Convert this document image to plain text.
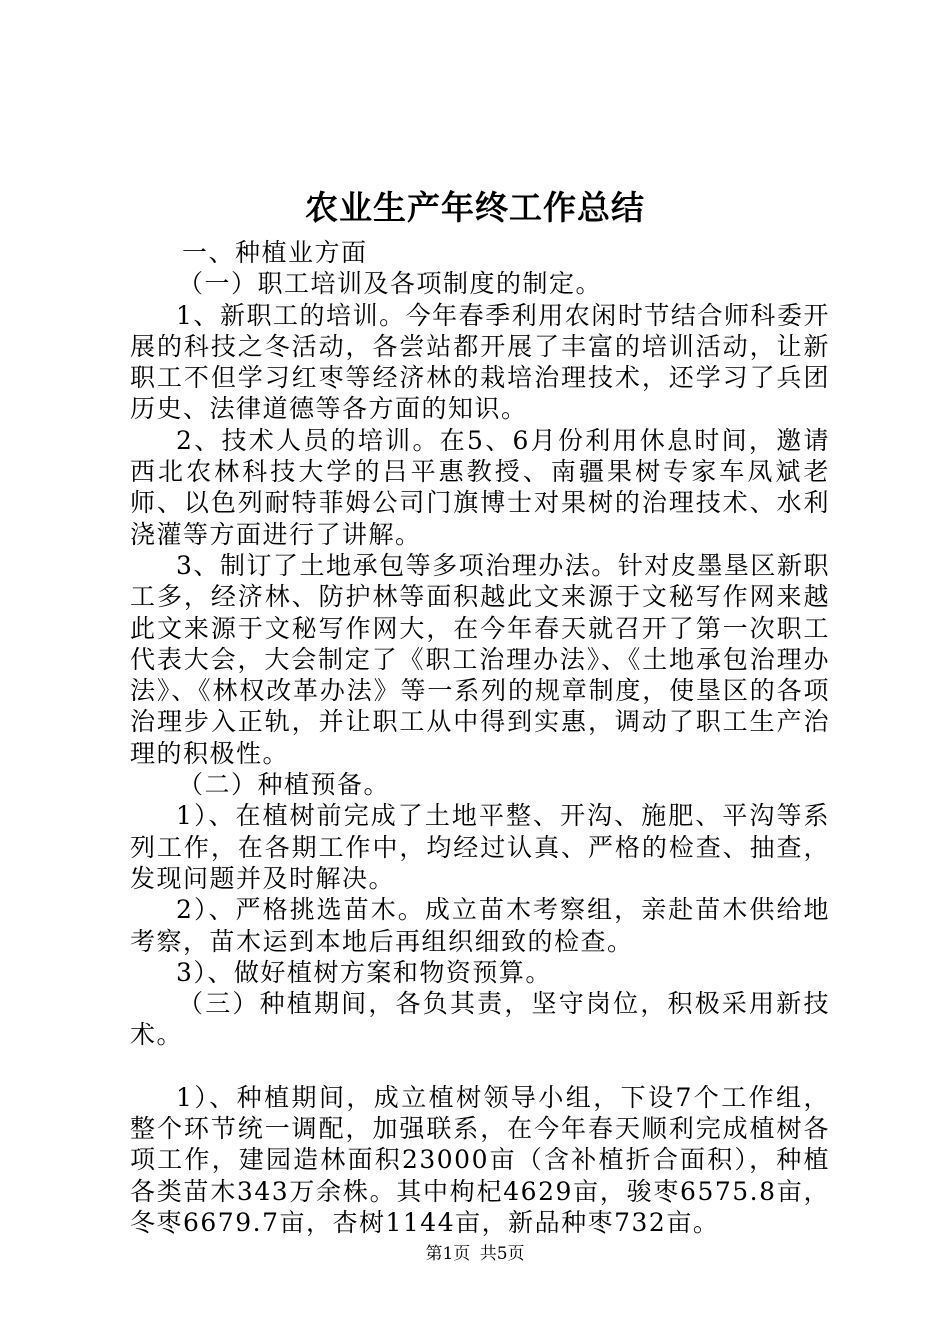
农业生产年终工作总结

一、种植业方面

（一）职工培训及各项制度的制定。

1、新职工的培训。今年春季利用农闲时节结合师科委开展的科技之冬活动，各尝站都开展了丰富的培训活动，让新职工不但学习红枣等经济林的栽培治理技术，还学习了兵团历史、法律道德等各方面的知识。

2、技术人员的培训。在5、6月份利用休息时间，邀请西北农林科技大学的吕平惠教授、南疆果树专家车凤斌老师、以色列耐特菲姆公司门旗博士对果树的治理技术、水利浇灌等方面进行了讲解。

3、制订了土地承包等多项治理办法。针对皮墨垦区新职工多，经济林、防护林等面积越此文来源于文秘写作网来越此文来源于文秘写作网大，在今年春天就召开了第一次职工代表大会，大会制定了《职工治理办法》、《土地承包治理办法》、《林权改革办法》等一系列的规章制度，使垦区的各项治理步入正轨，并让职工从中得到实惠，调动了职工生产治理的积极性。

（二）种植预备。

1）、在植树前完成了土地平整、开沟、施肥、平沟等系列工作，在各期工作中，均经过认真、严格的检查、抽查，发现问题并及时解决。

2）、严格挑选苗木。成立苗木考察组，亲赴苗木供给地考察，苗木运到本地后再组织细致的检查。

3）、做好植树方案和物资预算。

（三）种植期间，各负其责，坚守岗位，积极采用新技术。

1）、种植期间，成立植树领导小组，下设7个工作组，整个环节统一调配，加强联系，在今年春天顺利完成植树各项工作，建园造林面积23000亩（含补植折合面积），种植各类苗木343万余株。其中枸杞4629亩，骏枣6575.8亩，冬枣6679.7亩，杏树1144亩，新品种枣732亩。

第1页 共5页
